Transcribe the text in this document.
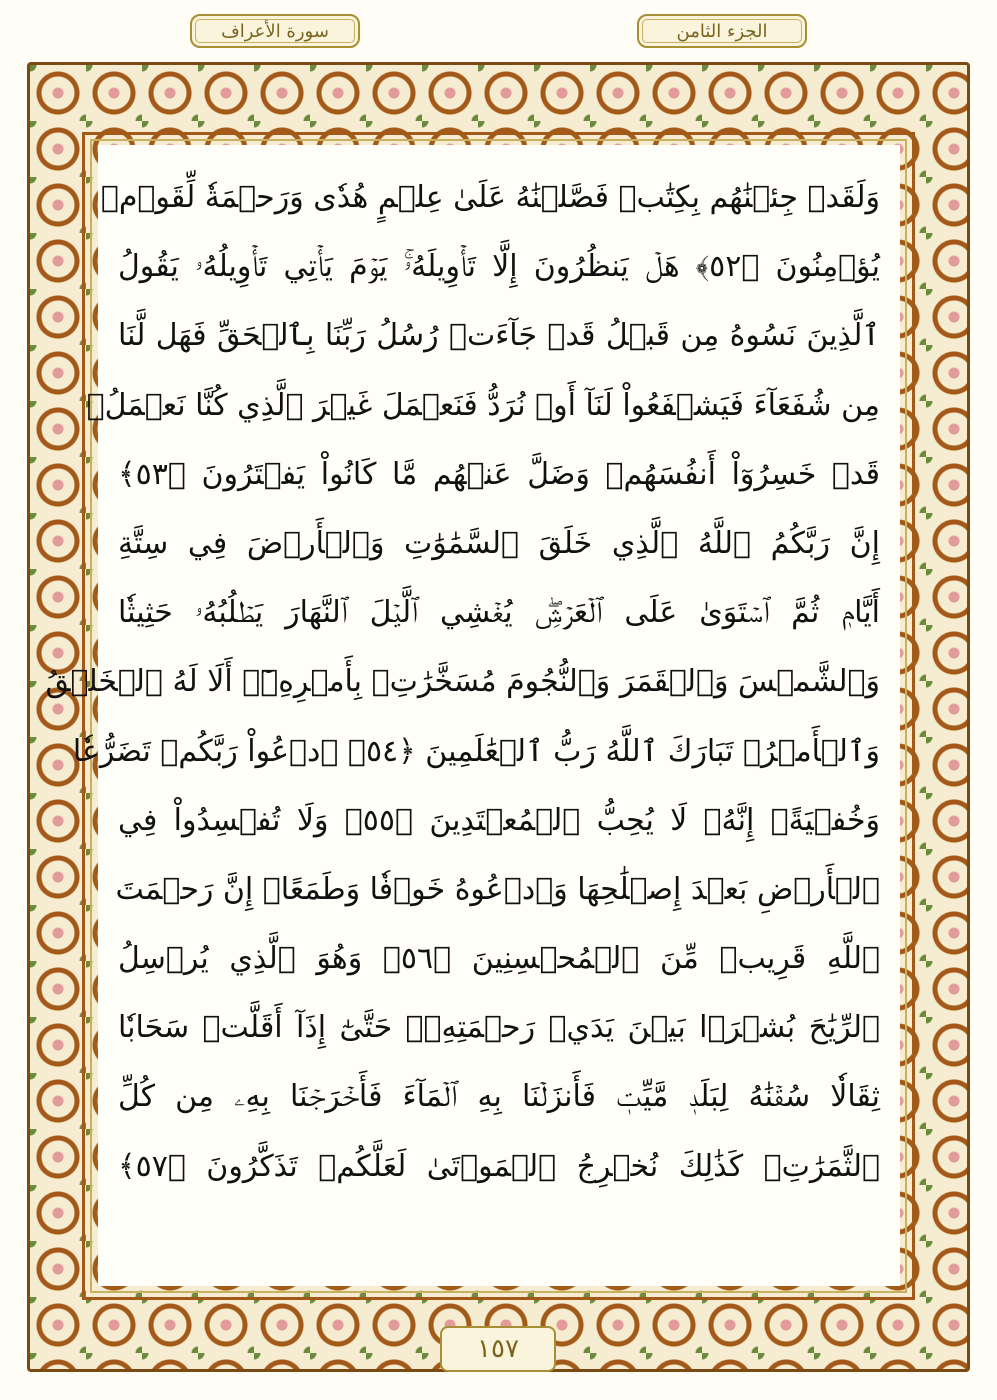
الجزء الثامن
سورة الأعراف
وَلَقَدۡ جِئۡنَٰهُم بِكِتَٰبٖ فَصَّلۡنَٰهُ عَلَىٰ عِلۡمٍ هُدٗى وَرَحۡمَةٗ لِّقَوۡمٖ
يُؤۡمِنُونَ ﴿٥٢﴾ هَلۡ يَنظُرُونَ إِلَّا تَأۡوِيلَهُۥۚ يَوۡمَ يَأۡتِي تَأۡوِيلُهُۥ يَقُولُ
ٱلَّذِينَ نَسُوهُ مِن قَبۡلُ قَدۡ جَآءَتۡ رُسُلُ رَبِّنَا بِٱلۡحَقِّ فَهَل لَّنَا
مِن شُفَعَآءَ فَيَشۡفَعُواْ لَنَآ أَوۡ نُرَدُّ فَنَعۡمَلَ غَيۡرَ ٱلَّذِي كُنَّا نَعۡمَلُۚ
قَدۡ خَسِرُوٓاْ أَنفُسَهُمۡ وَضَلَّ عَنۡهُم مَّا كَانُواْ يَفۡتَرُونَ ﴿٥٣﴾
إِنَّ رَبَّكُمُ ٱللَّهُ ٱلَّذِي خَلَقَ ٱلسَّمَٰوَٰتِ وَٱلۡأَرۡضَ فِي سِتَّةِ
أَيَّامٖ ثُمَّ ٱسۡتَوَىٰ عَلَى ٱلۡعَرۡشِۖ يُغۡشِي ٱلَّيۡلَ ٱلنَّهَارَ يَطۡلُبُهُۥ حَثِيثٗا
وَٱلشَّمۡسَ وَٱلۡقَمَرَ وَٱلنُّجُومَ مُسَخَّرَٰتِۭ بِأَمۡرِهِۦٓۗ أَلَا لَهُ ٱلۡخَلۡقُ
وَٱلۡأَمۡرُۗ تَبَارَكَ ٱللَّهُ رَبُّ ٱلۡعَٰلَمِينَ ﴿٥٤﴾ ٱدۡعُواْ رَبَّكُمۡ تَضَرُّعٗا
وَخُفۡيَةًۚ إِنَّهُۥ لَا يُحِبُّ ٱلۡمُعۡتَدِينَ ﴿٥٥﴾ وَلَا تُفۡسِدُواْ فِي
ٱلۡأَرۡضِ بَعۡدَ إِصۡلَٰحِهَا وَٱدۡعُوهُ خَوۡفٗا وَطَمَعًاۚ إِنَّ رَحۡمَتَ
ٱللَّهِ قَرِيبٞ مِّنَ ٱلۡمُحۡسِنِينَ ﴿٥٦﴾ وَهُوَ ٱلَّذِي يُرۡسِلُ
ٱلرِّيَٰحَ بُشۡرَۢا بَيۡنَ يَدَيۡ رَحۡمَتِهِۦۖ حَتَّىٰٓ إِذَآ أَقَلَّتۡ سَحَابٗا
ثِقَالٗا سُقۡنَٰهُ لِبَلَدٖ مَّيِّتٖ فَأَنزَلۡنَا بِهِ ٱلۡمَآءَ فَأَخۡرَجۡنَا بِهِۦ مِن كُلِّ
ٱلثَّمَرَٰتِۚ كَذَٰلِكَ نُخۡرِجُ ٱلۡمَوۡتَىٰ لَعَلَّكُمۡ تَذَكَّرُونَ ﴿٥٧﴾
١٥٧
